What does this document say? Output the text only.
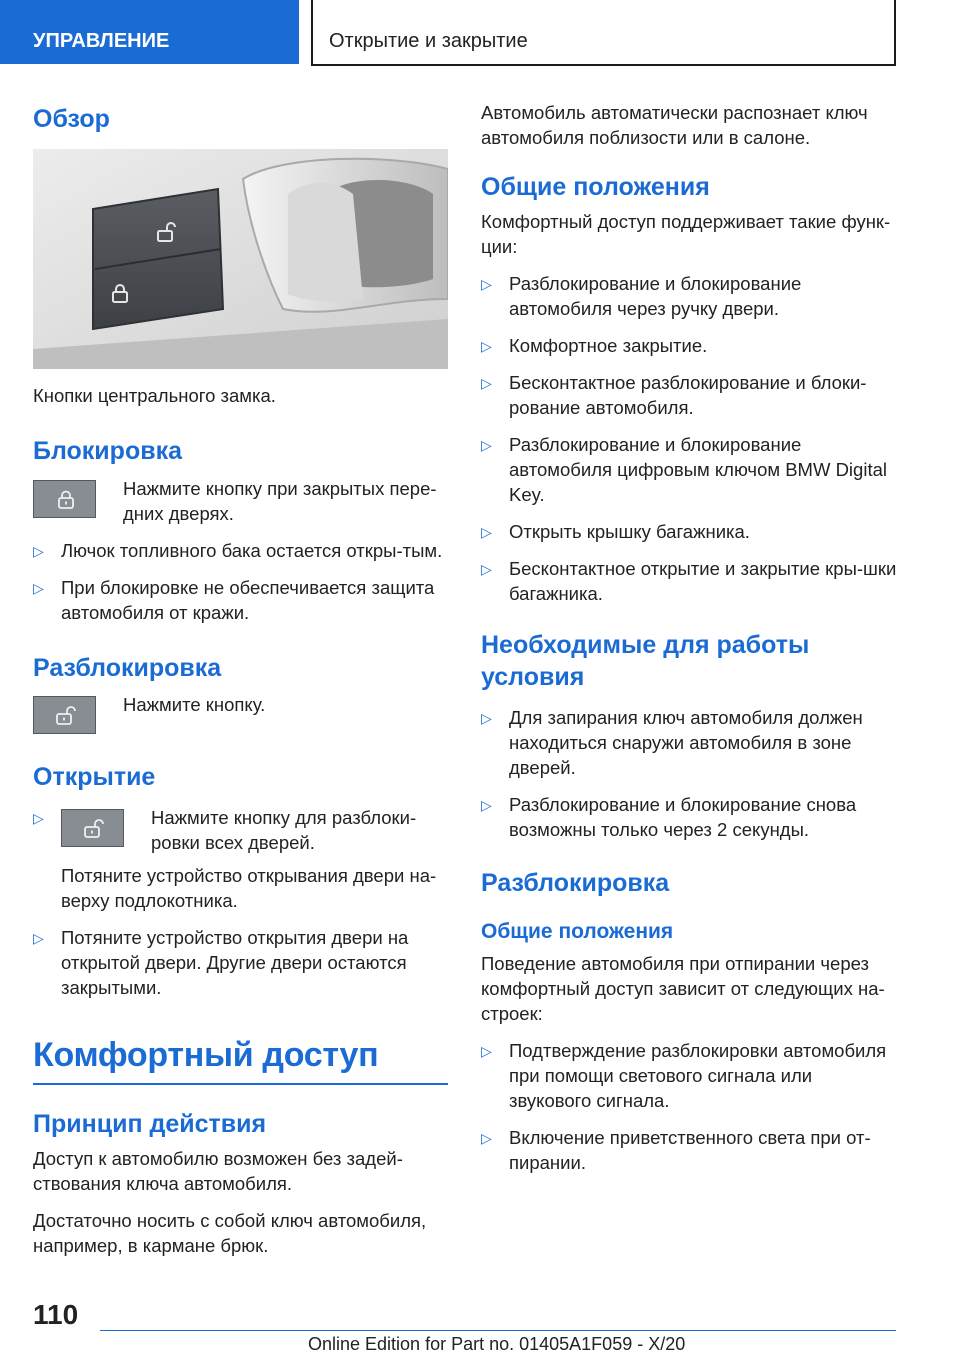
УПРАВЛЕНИЕ	Открытие и закрытие
Обзор

Кнопки центрального замка.

Блокировка

Нажмите кнопку при закрытых пере-дних дверях.

▷ Лючок топливного бака остается откры-тым.
▷ При блокировке не обеспечивается защита автомобиля от кражи.
Разблокировка

Нажмите кнопку.

Открытие
▷	Нажмите кнопку для разблоки-ровки всех дверей.

Потяните устройство открывания двери на-верху подлокотника.

▷ Потяните устройство открытия двери на открытой двери. Другие двери остаются закрытыми.
Комфортный доступ
Принцип действия

Доступ к автомобилю возможен без задей-ствования ключа автомобиля.

Достаточно носить с собой ключ автомобиля, например, в кармане брюк.

Автомобиль автоматически распознает ключ автомобиля поблизости или в салоне.

Общие положения

Комфортный доступ поддерживает такие функ-ции:

▷ Разблокирование и блокирование автомобиля через ручку двери.
▷ Комфортное закрытие.
▷ Бесконтактное разблокирование и блоки-рование автомобиля.
▷ Разблокирование и блокирование автомобиля цифровым ключом BMW Digital Key.
▷ Открыть крышку багажника.
▷ Бесконтактное открытие и закрытие кры-шки багажника.
Необходимые для работы условия
▷ Для запирания ключ автомобиля должен находиться снаружи автомобиля в зоне дверей.
▷ Разблокирование и блокирование снова возможны только через 2 секунды.
Разблокировка
Общие положения

Поведение автомобиля при отпирании через комфортный доступ зависит от следующих на-строек:

▷ Подтверждение разблокировки автомобиля при помощи светового сигнала или звукового сигнала.
▷ Включение приветственного света при от-пирании.
110
Online Edition for Part no. 01405A1F059 - X/20
